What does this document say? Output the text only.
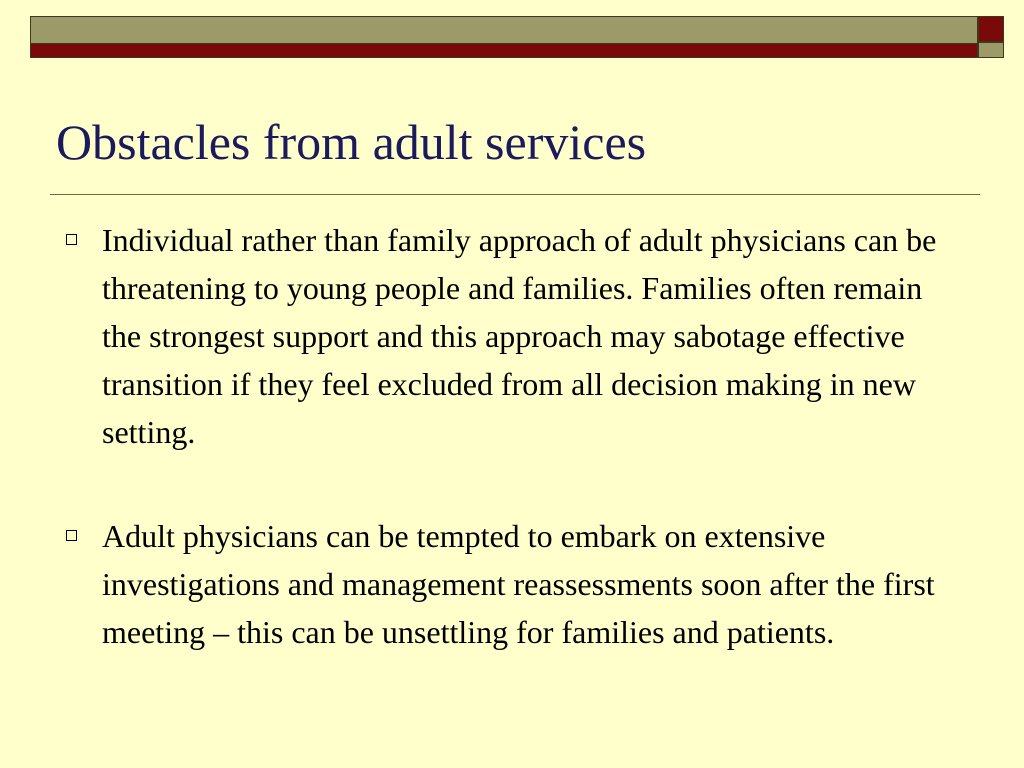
Obstacles from adult services
Individual rather than family approach of adult physicians can be threatening to young people and families. Families often remain the strongest support and this approach may sabotage effective transition if they feel excluded from all decision making in new setting.
Adult physicians can be tempted to embark on extensive investigations and management reassessments soon after the first meeting – this can be unsettling for families and patients.
